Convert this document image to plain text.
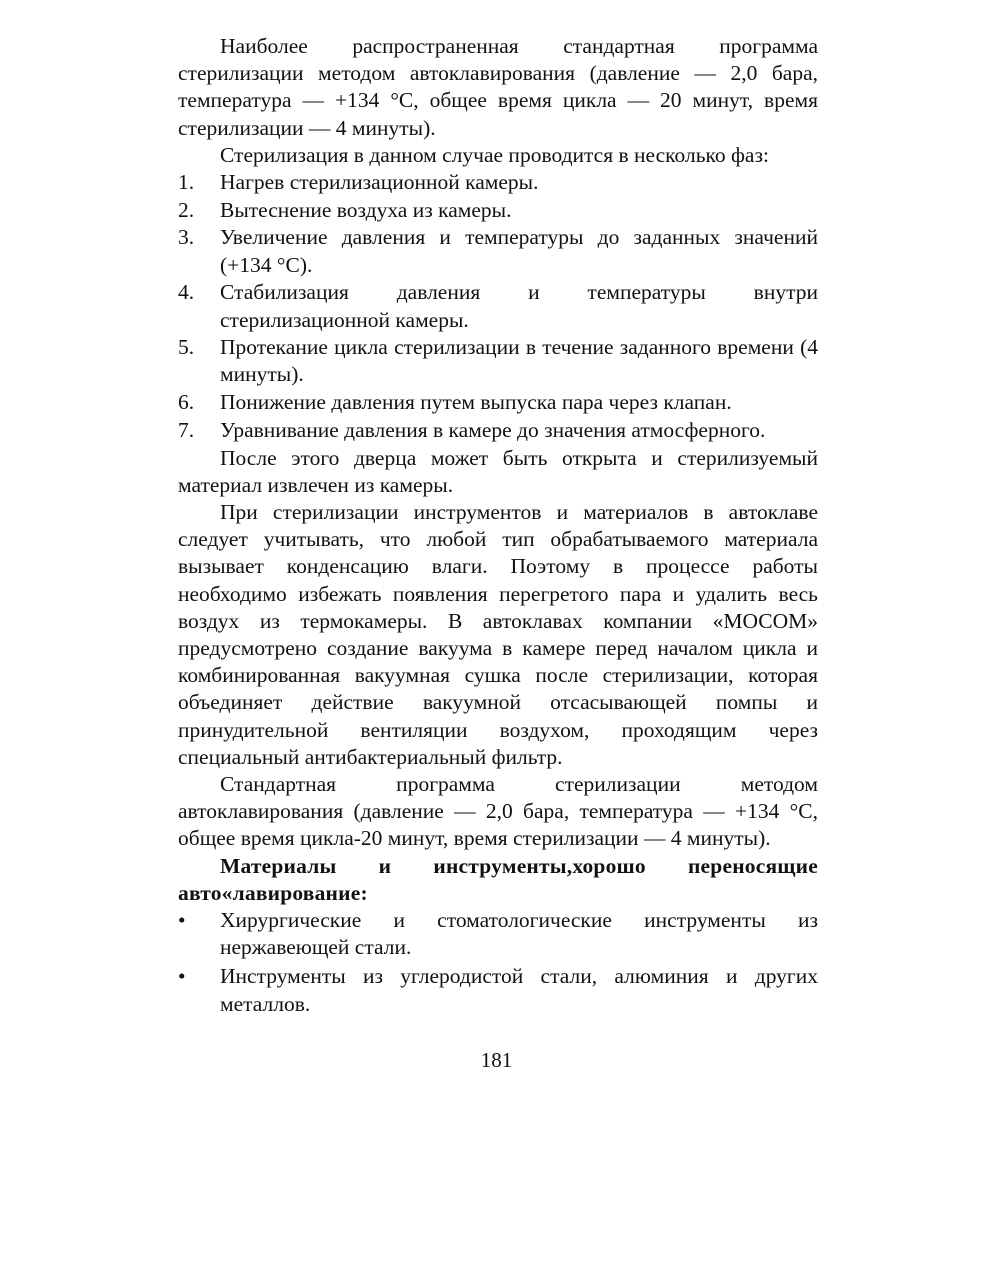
Наиболее распространенная стандартная программа стерилизации методом автоклавирования (давление — 2,0 бара, температура — +134 °C, общее время цикла — 20 минут, время стерилизации — 4 минуты).

Стерилизация в данном случае проводится в несколько фаз:

1.	Нагрев стерилизационной камеры.
2.	Вытеснение воздуха из камеры.
3.	Увеличение давления и температуры до заданных значений (+134 °C).
4.	Стабилизация давления и температуры внутри стерилизационной камеры.
5.	Протекание цикла стерилизации в течение заданного времени (4 минуты).
6.	Понижение давления путем выпуска пара через клапан.
7.	Уравнивание давления в камере до значения атмосферного.

После этого дверца может быть открыта и стерилизуемый материал извлечен из камеры.

При стерилизации инструментов и материалов в автоклаве следует учитывать, что любой тип обрабатываемого материала вызывает конденсацию влаги. Поэтому в процессе работы необходимо избежать появления перегретого пара и удалить весь воздух из термокамеры. В автоклавах компании «МОСОМ» предусмотрено создание вакуума в камере перед началом цикла и комбинированная вакуумная сушка после стерилизации, которая объединяет действие вакуумной отсасывающей помпы и принудительной вентиляции воздухом, проходящим через специальный антибактериальный фильтр.

Стандартная программа стерилизации методом автоклавирования (давление — 2,0 бара, температура — +134 °C, общее время цикла-20 минут, время стерилизации — 4 минуты).

Материалы и инструменты,хорошо переносящие авто«лавирование:

•	Хирургические и стоматологические инструменты из нержавеющей стали.
•	Инструменты из углеродистой стали, алюминия и других металлов.
181
